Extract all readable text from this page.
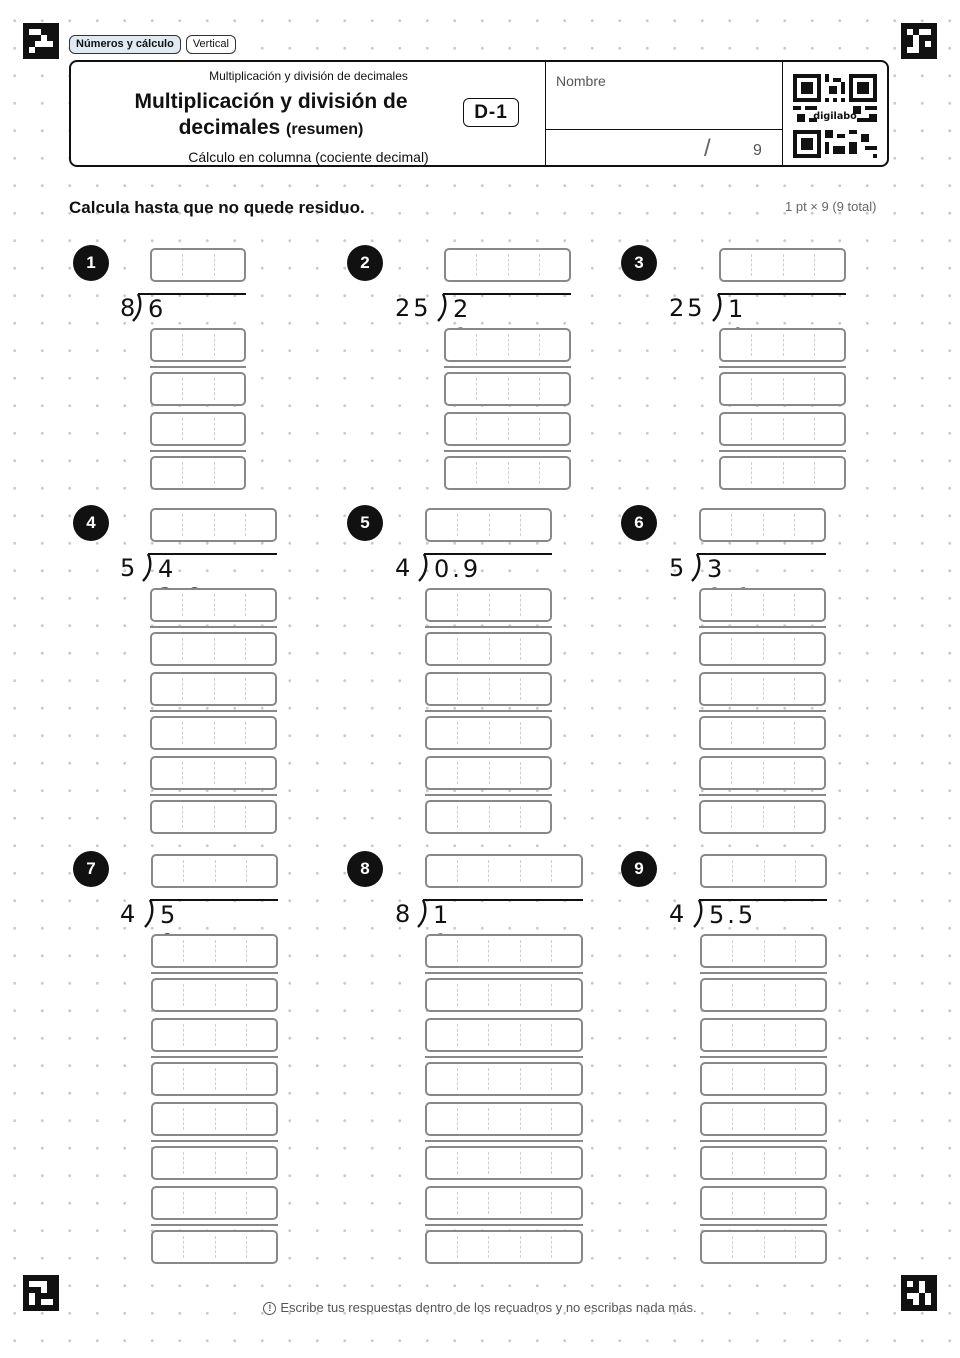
Números y cálculo	Vertical
Multiplicación y división de decimales
Multiplicación y división de
decimales (resumen)
Cálculo en columna (cociente decimal)
D-1
Nombre
/	9
digilabo
Calcula hasta que no quede residuo.	1 pt × 9 (9 total)
1
8 6
2
25 2
3
25 1
4
5 4
5
4 0.9
6
5 3
7
4 5
8
8 1
9
4 5.5
! Escribe tus respuestas dentro de los recuadros y no escribas nada más.
